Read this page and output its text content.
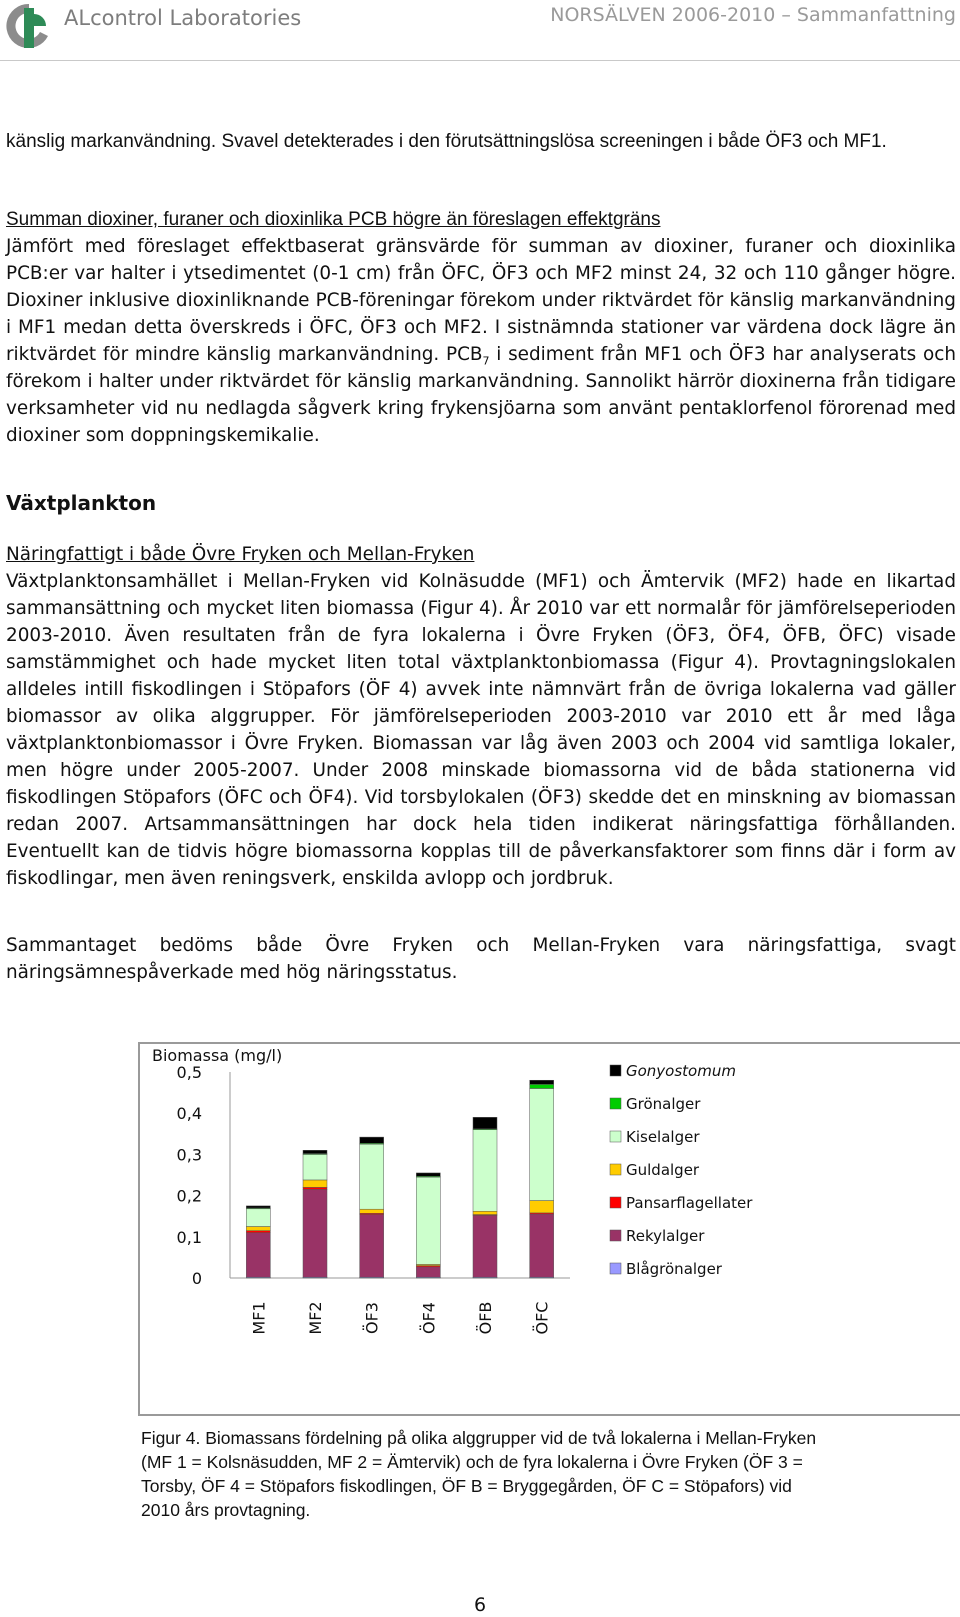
ALcontrol Laboratories	NORSÄLVEN 2006-2010 – Sammanfattning

känslig markanvändning. Svavel detekterades i den förutsättningslösa screeningen i både ÖF3 och MF1.

Summan dioxiner, furaner och dioxinlika PCB högre än föreslagen effektgräns

Jämfört med föreslaget effektbaserat gränsvärde för summan av dioxiner, furaner och dioxinlika PCB:er var halter i ytsedimentet (0-1 cm) från ÖFC, ÖF3 och MF2 minst 24, 32 och 110 gånger högre. Dioxiner inklusive dioxinliknande PCB-föreningar förekom under riktvärdet för känslig markanvändning i MF1 medan detta överskreds i ÖFC, ÖF3 och MF2. I sistnämnda stationer var värdena dock lägre än riktvärdet för mindre känslig markanvändning. $PCB_7$ i sediment från MF1 och ÖF3 har analyserats och förekom i halter under riktvärdet för känslig markanvändning. Sannolikt härrör dioxinerna från tidigare verksamheter vid nu nedlagda sågverk kring frykensjöarna som använt pentaklorfenol förorenad med dioxiner som doppningskemikalie.

Växtplankton

Näringfattigt i både Övre Fryken och Mellan-Fryken

Växtplanktonsamhället i Mellan-Fryken vid Kolnäsudde (MF1) och Ämtervik (MF2) hade en likartad sammansättning och mycket liten biomassa (Figur 4). År 2010 var ett normalår för jämförelseperioden 2003-2010. Även resultaten från de fyra lokalerna i Övre Fryken (ÖF3, ÖF4, ÖFB, ÖFC) visade samstämmighet och hade mycket liten total växtplanktonbiomassa (Figur 4). Provtagningslokalen alldeles intill fiskodlingen i Stöpafors (ÖF 4) avvek inte nämnvärt från de övriga lokalerna vad gäller biomassor av olika alggrupper. För jämförelseperioden 2003-2010 var 2010 ett år med låga växtplanktonbiomassor i Övre Fryken. Biomassan var låg även 2003 och 2004 vid samtliga lokaler, men högre under 2005-2007. Under 2008 minskade biomassorna vid de båda stationerna vid fiskodlingen Stöpafors (ÖFC och ÖF4). Vid torsbylokalen (ÖF3) skedde det en minskning av biomassan redan 2007. Artsammansättningen har dock hela tiden indikerat näringsfattiga förhållanden. Eventuellt kan de tidvis högre biomassorna kopplas till de påverkansfaktorer som finns där i form av fiskodlingar, men även reningsverk, enskilda avlopp och jordbruk.

Sammantaget bedöms både Övre Fryken och Mellan-Fryken vara näringsfattiga, svagt näringsämnespåverkade med hög näringsstatus.

Biomassa (mg/l)
0
0,1
0,2
0,3
0,4
0,5
MF1 MF2 ÖF3 ÖF4 ÖFB ÖFC
Gonyostomum
Grönalger
Kiselalger
Guldalger
Pansarflagellater
Rekylalger
Blågrönalger
Figur 4. Biomassans fördelning på olika alggrupper vid de två lokalerna i Mellan-Fryken (MF 1 = Kolsnäsudden, MF 2 = Ämtervik) och de fyra lokalerna i Övre Fryken (ÖF 3 = Torsby, ÖF 4 = Stöpafors fiskodlingen, ÖF B = Bryggegården, ÖF C = Stöpafors) vid 2010 års provtagning.
6
